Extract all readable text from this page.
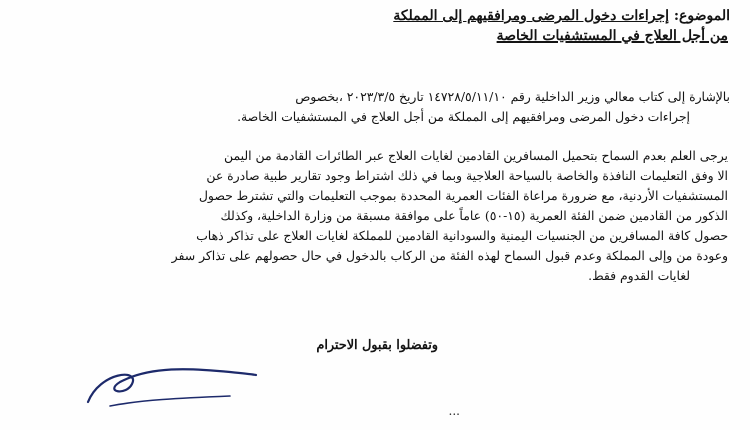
الموضوع: إجراءات دخول المرضى ومرافقيهم إلى المملكة
من أجل العلاج في المستشفيات الخاصة
بالإشارة إلى كتاب معالي وزير الداخلية رقم ١٤٧٢٨/٥/١١/١٠ تاريخ ٢٠٢٣/٣/٥ ،بخصوص
إجراءات دخول المرضى ومرافقيهم إلى المملكة من أجل العلاج في المستشفيات الخاصة.
يرجى العلم بعدم السماح بتحميل المسافرين القادمين لغايات العلاج عبر الطائرات القادمة من اليمن
الا وفق التعليمات النافذة والخاصة بالسياحة العلاجية وبما في ذلك اشتراط وجود تقارير طبية صادرة عن
المستشفيات الأردنية، مع ضرورة مراعاة الفئات العمرية المحددة بموجب التعليمات والتي تشترط حصول
الذكور من القادمين ضمن الفئة العمرية (١٥-٥٠) عاماً على موافقة مسبقة من وزارة الداخلية، وكذلك
حصول كافة المسافرين من الجنسيات اليمنية والسودانية القادمين للمملكة لغايات العلاج على تذاكر ذهاب
وعودة من وإلى المملكة وعدم قبول السماح لهذه الفئة من الركاب بالدخول في حال حصولهم على تذاكر سفر
لغايات القدوم فقط.
وتفضلوا بقبول الاحترام
...
